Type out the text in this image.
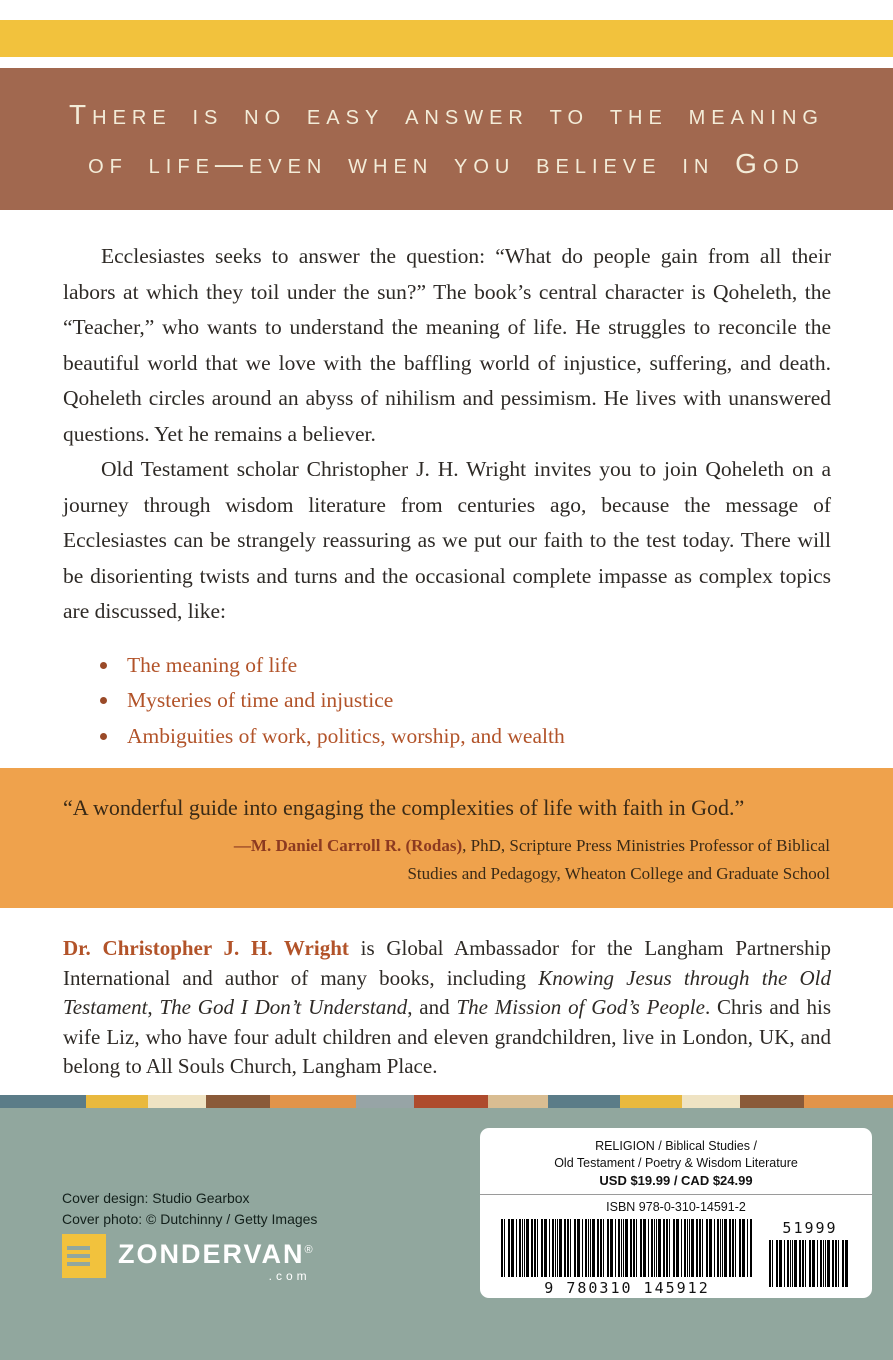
There is no easy answer to the meaning
of life—even when you believe in God

Ecclesiastes seeks to answer the question: “What do people gain from all their labors at which they toil under the sun?” The book’s central character is Qoheleth, the “Teacher,” who wants to understand the meaning of life. He struggles to reconcile the beautiful world that we love with the baffling world of injustice, suffering, and death. Qoheleth circles around an abyss of nihilism and pessimism. He lives with unanswered questions. Yet he remains a believer.

Old Testament scholar Christopher J. H. Wright invites you to join Qoheleth on a journey through wisdom literature from centuries ago, because the message of Ecclesiastes can be strangely reassuring as we put our faith to the test today. There will be disorienting twists and turns and the occasional complete impasse as complex topics are discussed, like:

The meaning of life
Mysteries of time and injustice
Ambiguities of work, politics, worship, and wealth

“A wonderful guide into engaging the complexities of life with faith in God.”

—M. Daniel Carroll R. (Rodas), PhD, Scripture Press Ministries Professor of Biblical Studies and Pedagogy, Wheaton College and Graduate School

Dr. Christopher J. H. Wright is Global Ambassador for the Langham Partnership International and author of many books, including Knowing Jesus through the Old Testament, The God I Don’t Understand, and The Mission of God’s People. Chris and his wife Liz, who have four adult children and eleven grandchildren, live in London, UK, and belong to All Souls Church, Langham Place.

Cover design: Studio Gearbox
Cover photo: © Dutchinny / Getty Images
ZONDERVAN®
.com
RELIGION / Biblical Studies /
Old Testament / Poetry & Wisdom Literature
USD $19.99 / CAD $24.99
ISBN 978-0-310-14591-2
9 780310 145912
51999
